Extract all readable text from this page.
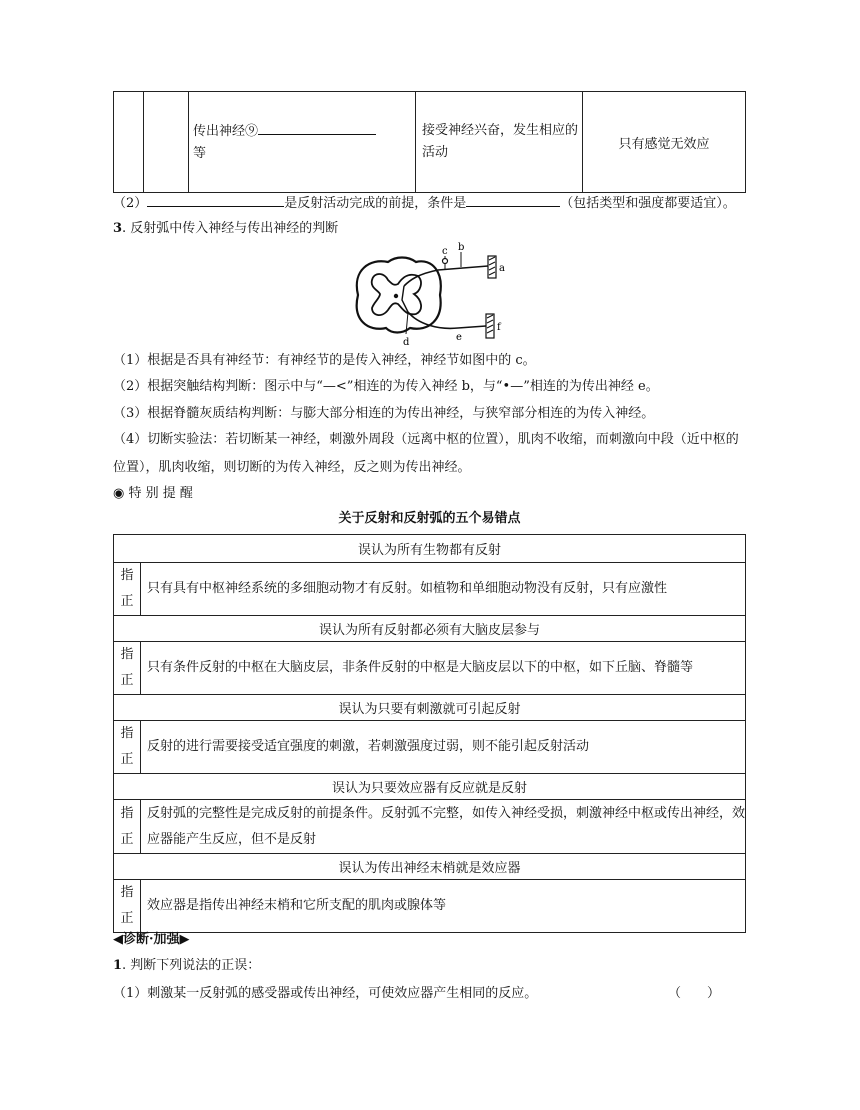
		传出神经⑨
等	接受神经兴奋，发生相应的活动	只有感觉无效应
（2）	是反射活动完成的前提，条件是	（包括类型和强度都要适宜）。
3. 反射弧中传入神经与传出神经的判断
c b
a
f
e
d
（1）根据是否具有神经节：有神经节的是传入神经，神经节如图中的 c。
（2）根据突触结构判断：图示中与“—<”相连的为传入神经 b，与“•—”相连的为传出神经 e。
（3）根据脊髓灰质结构判断：与膨大部分相连的为传出神经，与狭窄部分相连的为传入神经。
（4）切断实验法：若切断某一神经，刺激外周段（远离中枢的位置），肌肉不收缩，而刺激向中段（近中枢的位置），肌肉收缩，则切断的为传入神经，反之则为传出神经。
◉ 特 别 提 醒
关于反射和反射弧的五个易错点
误认为所有生物都有反射	
指
正	只有具有中枢神经系统的多细胞动物才有反射。如植物和单细胞动物没有反射，只有应激性
误认为所有反射都必须有大脑皮层参与	
指
正	只有条件反射的中枢在大脑皮层，非条件反射的中枢是大脑皮层以下的中枢，如下丘脑、脊髓等
误认为只要有刺激就可引起反射	
指
正	反射的进行需要接受适宜强度的刺激，若刺激强度过弱，则不能引起反射活动
误认为只要效应器有反应就是反射	
指
正	反射弧的完整性是完成反射的前提条件。反射弧不完整，如传入神经受损，刺激神经中枢或传出神经，效应器能产生反应，但不是反射
误认为传出神经末梢就是效应器	
指
正	效应器是指传出神经末梢和它所支配的肌肉或腺体等
◀诊断·加强▶
1. 判断下列说法的正误：
（1）刺激某一反射弧的感受器或传出神经，可使效应器产生相同的反应。	（　　）
